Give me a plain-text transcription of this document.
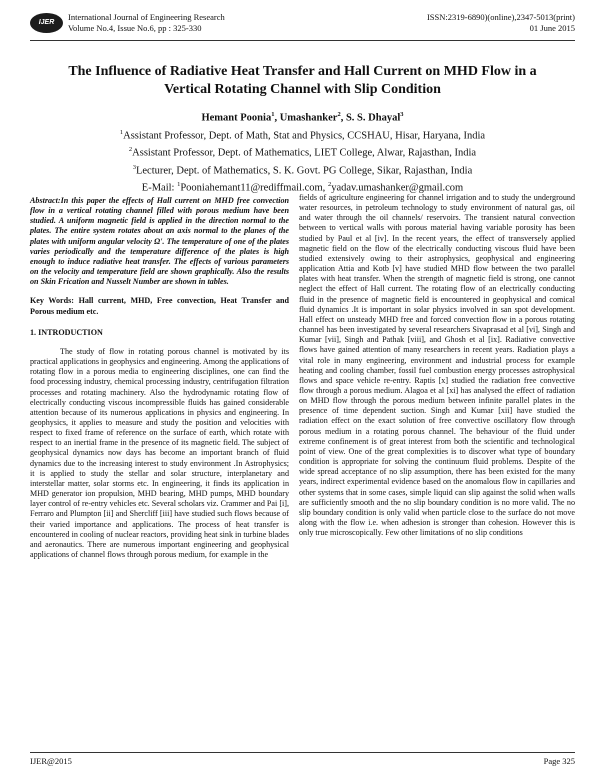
IJER
International Journal of Engineering Research
Volume No.4, Issue No.6, pp : 325-330
ISSN:2319-6890)(online),2347-5013(print)
01 June 2015
The Influence of Radiative Heat Transfer and Hall Current on MHD Flow in a
Vertical Rotating Channel with Slip Condition
Hemant Poonia$^1$, Umashanker$^2$, S. S. Dhayal$^3$
$^1$Assistant Professor, Dept. of Math, Stat and Physics, CCSHAU, Hisar, Haryana, India
$^2$Assistant Professor, Dept. of Mathematics, LIET College, Alwar, Rajasthan, India
$^3$Lecturer, Dept. of Mathematics, S. K. Govt. PG College, Sikar, Rajasthan, India
E-Mail: $^1$Pooniahemant11@rediffmail.com, $^2$yadav.umashanker@gmail.com

Abstract:In this paper the effects of Hall current on MHD free convection flow in a vertical rotating channel filled with porous medium have been studied. A uniform magnetic field is applied in the direction normal to the plates. The entire system rotates about an axis normal to the planes of the plates with uniform angular velocity Ω'. The temperature of one of the plates varies periodically and the temperature difference of the plates is high enough to induce radiative heat transfer. The effects of various parameters on the velocity and temperature field are shown graphically. Also the results on Skin Frication and Nusselt Number are shown in tables.

Key Words: Hall current, MHD, Free convection, Heat Transfer and Porous medium etc.

1. INTRODUCTION

The study of flow in rotating porous channel is motivated by its practical applications in geophysics and engineering. Among the applications of rotating flow in a porous media to engineering disciplines, one can find the food processing industry, chemical processing industry, centrifugation filtration processes and rotating machinery. Also the hydrodynamic rotating flow of electrically conducting viscous incompressible fluids has gained considerable attention because of its numerous applications in physics and engineering. In geophysics, it applies to measure and study the position and velocities with respect to fixed frame of reference on the surface of earth, which rotate with respect to an inertial frame in the presence of its magnetic field. The subject of geophysical dynamics now days has become an important branch of fluid dynamics due to the increasing interest to study environment .In Astrophysics; it is applied to study the stellar and solar structure, interplanetary and interstellar matter, solar storms etc. In engineering, it finds its application in MHD generator ion propulsion, MHD bearing, MHD pumps, MHD boundary layer control of re-entry vehicles etc. Several scholars viz. Crammer and Pai [i], Ferraro and Plumpton [ii] and Shercliff [iii] have studied such flows because of their varied importance and applications. The process of heat transfer is encountered in cooling of nuclear reactors, providing heat sink in turbine blades and aeronautics. There are numerous important engineering and geophysical applications of channel flows through porous medium, for example in the

fields of agriculture engineering for channel irrigation and to study the underground water resources, in petroleum technology to study environment of natural gas, oil and water through the oil channels/ reservoirs. The transient natural convection between to vertical walls with porous material having variable porosity has been studied by Paul et al [iv]. In the recent years, the effect of transversely applied magnetic field on the flow of the electrically conducting viscous fluid have been studied extensively owing to their astrophysics, geophysical and engineering application Attia and Kotb [v] have studied MHD flow between the two parallel plates with heat transfer. When the strength of magnetic field is strong, one cannot neglect the effect of Hall current. The rotating flow of an electrically conducting fluid in the presence of magnetic field is encountered in geophysical and comical fluid dynamics .It is important in solar physics involved in san spot development. Hall effect on unsteady MHD free and forced convection flow in a porous rotating channel has been investigated by several researchers Sivaprasad et al [vi], Singh and Kumar [vii], Singh and Pathak [viii], and Ghosh et al [ix]. Radiative convective flows have gained attention of many researchers in recent years. Radiation plays a vital role in many engineering, environment and industrial process for example heating and cooling chamber, fossil fuel combustion energy processes astrophysical flows and space vehicle re-entry. Raptis [x] studied the radiation free convective flow through a porous medium. Alagoa et al [xi] has analysed the effect of radiation on MHD flow through the porous medium between infinite parallel plates in the presence of time dependent suction. Singh and Kumar [xii] have studied the radiation effect on the exact solution of free convective oscillatory flow through porous medium in a rotating porous channel. The behaviour of the fluid under extreme confinement is of great interest from both the scientific and technological point of view. One of the great complexities is to discover what type of boundary condition is appropriate for solving the continuum fluid problems. Despite of the wide spread acceptance of no slip assumption, there has been existed for the many years, indirect experimental evidence based on the anomalous flow in capillaries and other systems that in some cases, simple liquid can slip against the solid when walls are sufficiently smooth and the no slip boundary condition is no more valid. The no slip boundary condition is only valid when particle close to the surface do not move along with the flow i.e. when adhesion is stronger than cohesion. However this is only true microscopically. Few other limitations of no slip conditions

IJER@2015	Page 325
